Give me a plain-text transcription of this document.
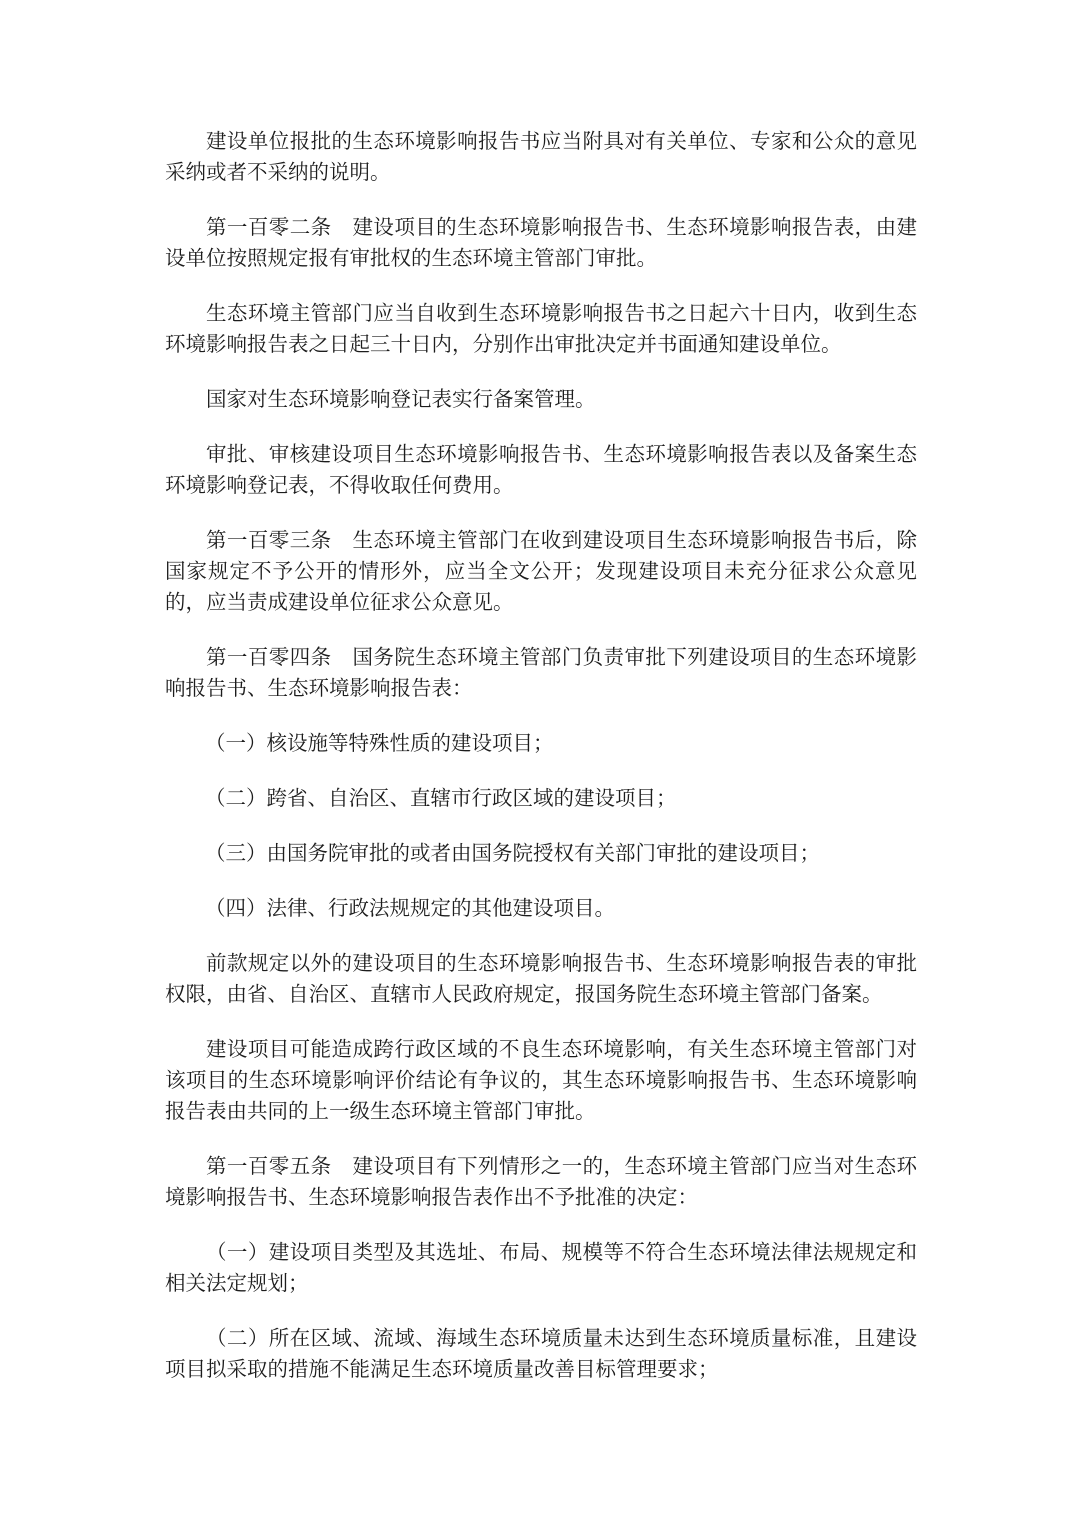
建设单位报批的生态环境影响报告书应当附具对有关单位、专家和公众的意见采纳或者不采纳的说明。

第一百零二条　建设项目的生态环境影响报告书、生态环境影响报告表，由建设单位按照规定报有审批权的生态环境主管部门审批。

生态环境主管部门应当自收到生态环境影响报告书之日起六十日内，收到生态环境影响报告表之日起三十日内，分别作出审批决定并书面通知建设单位。

国家对生态环境影响登记表实行备案管理。

审批、审核建设项目生态环境影响报告书、生态环境影响报告表以及备案生态环境影响登记表，不得收取任何费用。

第一百零三条　生态环境主管部门在收到建设项目生态环境影响报告书后，除国家规定不予公开的情形外，应当全文公开；发现建设项目未充分征求公众意见的，应当责成建设单位征求公众意见。

第一百零四条　国务院生态环境主管部门负责审批下列建设项目的生态环境影响报告书、生态环境影响报告表：

（一）核设施等特殊性质的建设项目；

（二）跨省、自治区、直辖市行政区域的建设项目；

（三）由国务院审批的或者由国务院授权有关部门审批的建设项目；

（四）法律、行政法规规定的其他建设项目。

前款规定以外的建设项目的生态环境影响报告书、生态环境影响报告表的审批权限，由省、自治区、直辖市人民政府规定，报国务院生态环境主管部门备案。

建设项目可能造成跨行政区域的不良生态环境影响，有关生态环境主管部门对该项目的生态环境影响评价结论有争议的，其生态环境影响报告书、生态环境影响报告表由共同的上一级生态环境主管部门审批。

第一百零五条　建设项目有下列情形之一的，生态环境主管部门应当对生态环境影响报告书、生态环境影响报告表作出不予批准的决定：

（一）建设项目类型及其选址、布局、规模等不符合生态环境法律法规规定和相关法定规划；

（二）所在区域、流域、海域生态环境质量未达到生态环境质量标准，且建设项目拟采取的措施不能满足生态环境质量改善目标管理要求；
